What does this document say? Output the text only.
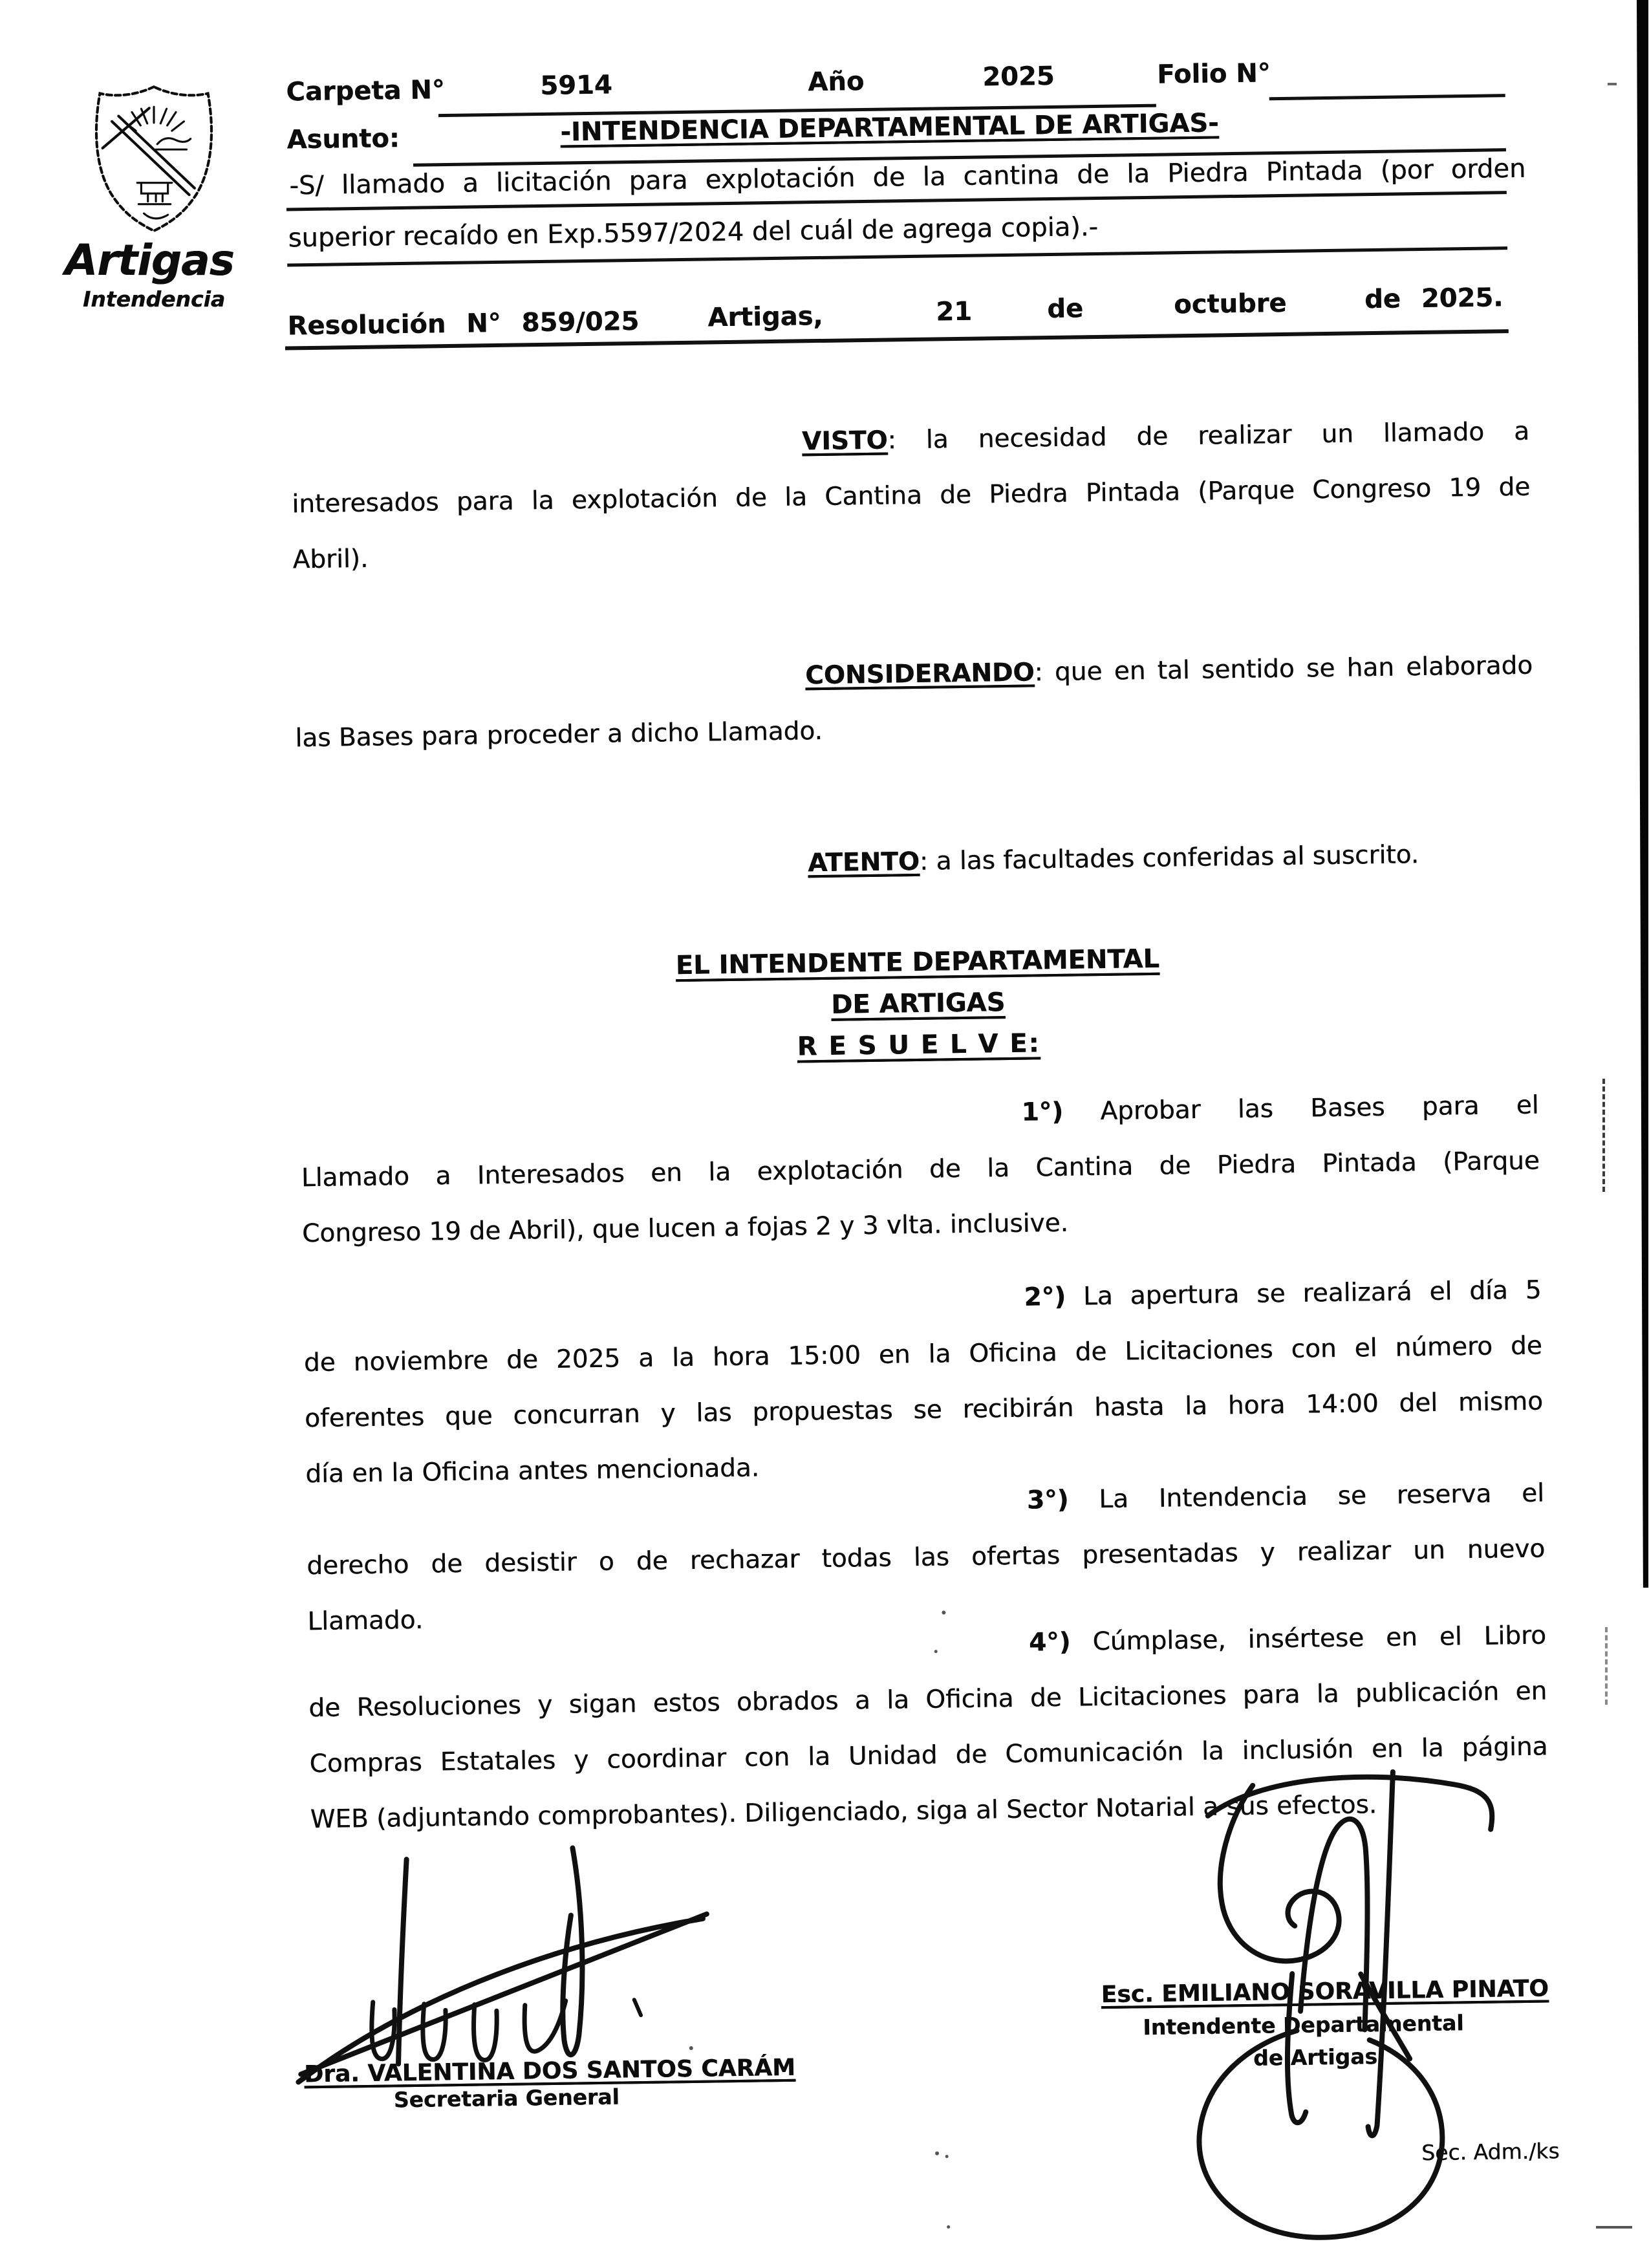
Artigas
Intendencia
Carpeta N°	5914	Año	2025	Folio N°
Asunto:	-INTENDENCIA DEPARTAMENTAL DE ARTIGAS-
-S/ llamado a licitación para explotación de la cantina de la Piedra Pintada (por orden
superior recaído en Exp.5597/2024 del cuál de agrega copia).-
Resolución N° 859/025	Artigas,	21	de	octubre	de 2025.
VISTO: la necesidad de realizar un llamado a
interesados para la explotación de la Cantina de Piedra Pintada (Parque Congreso 19 de
Abril).
CONSIDERANDO: que en tal sentido se han elaborado
las Bases para proceder a dicho Llamado.
ATENTO: a las facultades conferidas al suscrito.
EL INTENDENTE DEPARTAMENTAL
DE ARTIGAS
R E S U E L V E:
1°) Aprobar las Bases para el
Llamado a Interesados en la explotación de la Cantina de Piedra Pintada (Parque
Congreso 19 de Abril), que lucen a fojas 2 y 3 vlta. inclusive.
2°) La apertura se realizará el día 5
de noviembre de 2025 a la hora 15:00 en la Oficina de Licitaciones con el número de
oferentes que concurran y las propuestas se recibirán hasta la hora 14:00 del mismo
día en la Oficina antes mencionada.
3°) La Intendencia se reserva el
derecho de desistir o de rechazar todas las ofertas presentadas y realizar un nuevo
Llamado.
4°) Cúmplase, insértese en el Libro
de Resoluciones y sigan estos obrados a la Oficina de Licitaciones para la publicación en
Compras Estatales y coordinar con la Unidad de Comunicación la inclusión en la página
WEB (adjuntando comprobantes). Diligenciado, siga al Sector Notarial a sus efectos.
Dra. VALENTINA DOS SANTOS CARÁM
Secretaria General
Esc. EMILIANO SORAVILLA PINATO
Intendente Departamental
de Artigas
Sec. Adm./ks
